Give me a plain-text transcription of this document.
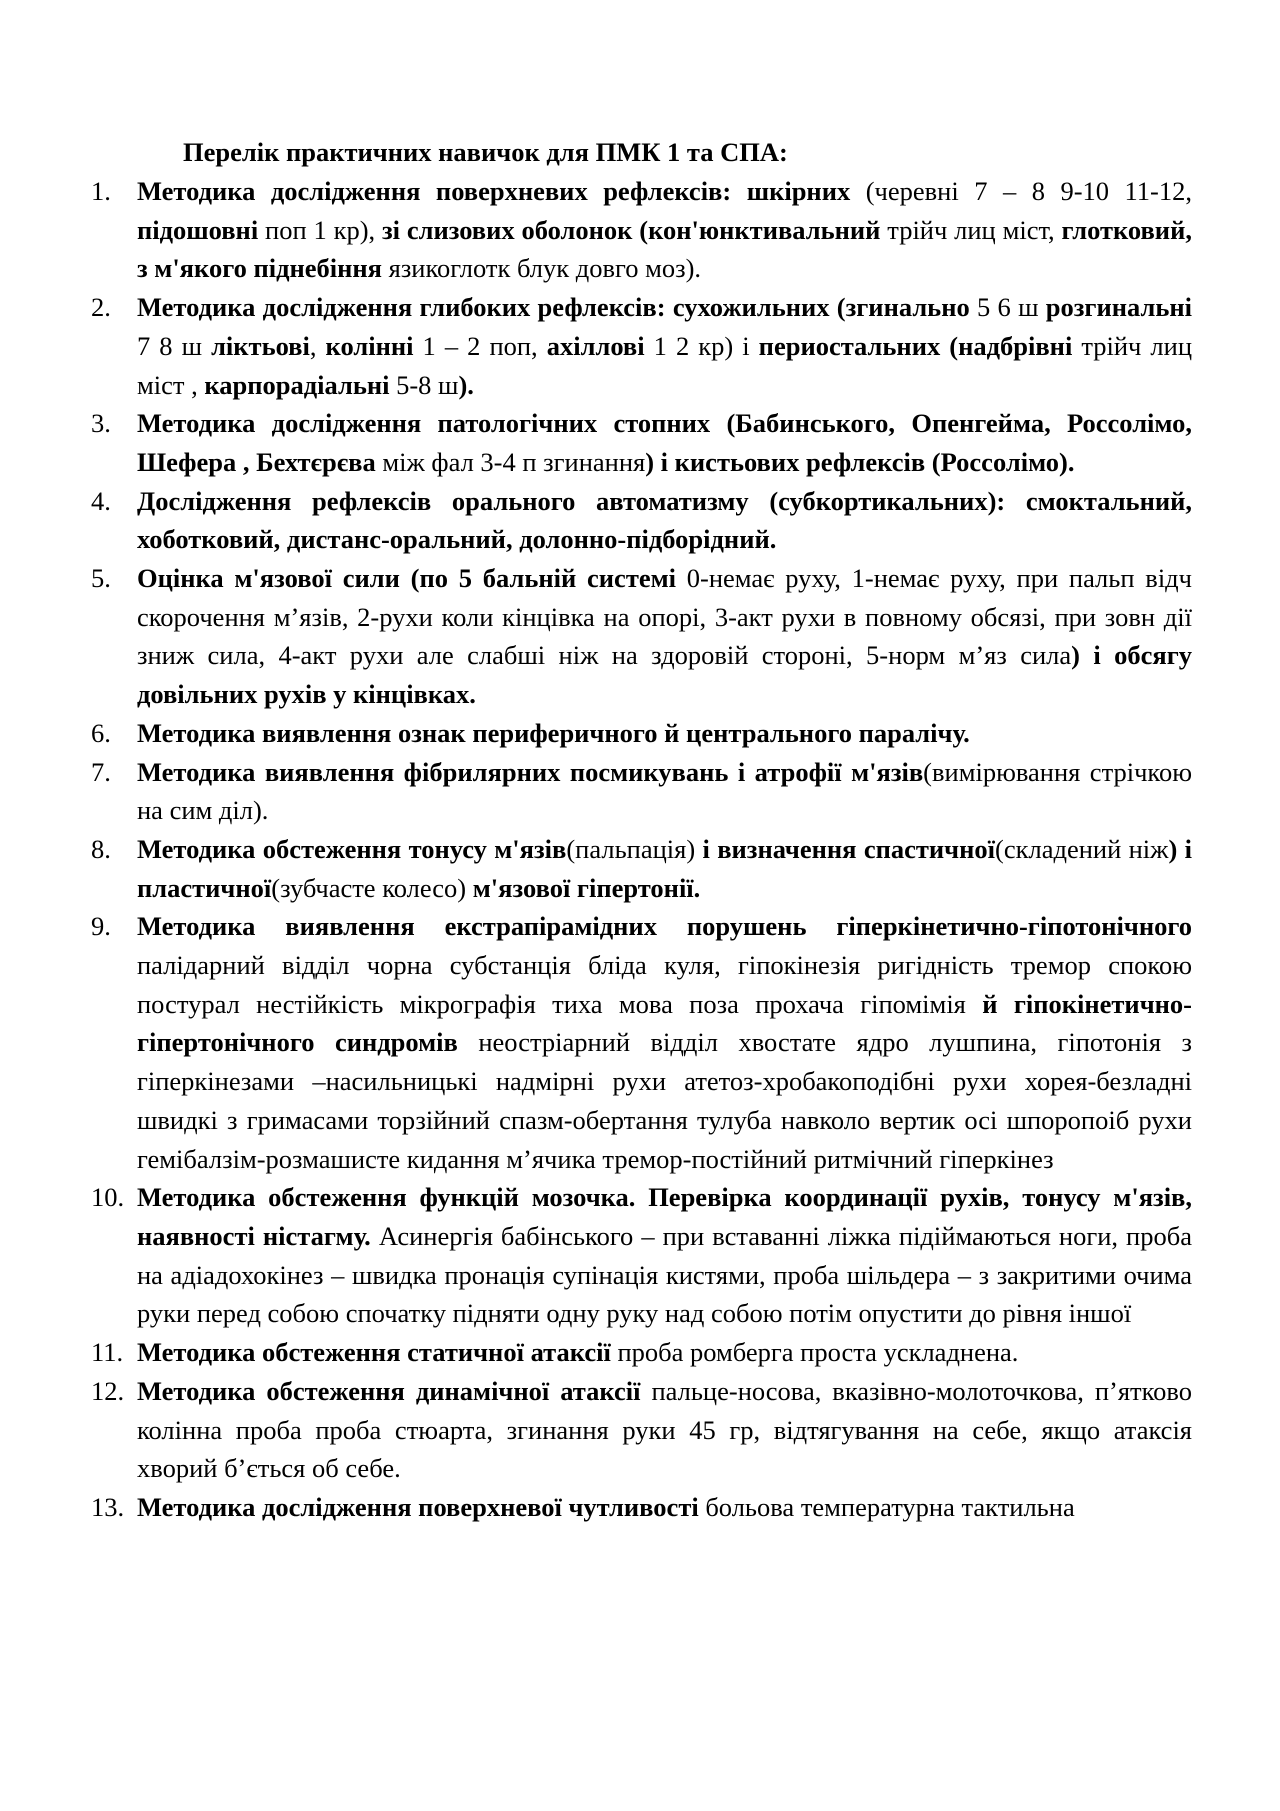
Перелік практичних навичок для ПМК 1 та СПА:
1. Методика дослідження поверхневих рефлексів: шкірних (черевні 7 – 8 9-10 11-12, підошовні поп 1 кр), зі слизових оболонок (кон'юнктивальний трійч лиц міст, глотковий, з м'якого піднебіння язикоглотк блук довго моз).
2. Методика дослідження глибоких рефлексів: сухожильних (згинально 5 6 ш розгинальні 7 8 ш ліктьові, колінні 1 – 2 поп, ахіллові 1 2 кр) і периостальних (надбрівні трійч лиц міст , карпорадіальні 5-8 ш).
3. Методика дослідження патологічних стопних (Бабинського, Опенгейма, Россолімо, Шефера , Бехтєрєва між фал 3-4 п згинання) і кистьових рефлексів (Россолімо).
4. Дослідження рефлексів орального автоматизму (субкортикальних): смоктальний, хоботковий, дистанс-оральний, долонно-підборідний.
5. Оцінка м'язової сили (по 5 бальній системі 0-немає руху, 1-немає руху, при пальп відч скорочення м’язів, 2-рухи коли кінцівка на опорі, 3-акт рухи в повному обсязі, при зовн дії зниж сила, 4-акт рухи але слабші ніж на здоровій стороні, 5-норм м’яз сила) і обсягу довільних рухів у кінцівках.
6. Методика виявлення ознак периферичного й центрального паралічу.
7. Методика виявлення фібрилярних посмикувань і атрофії м'язів(вимірювання стрічкою на сим діл).
8. Методика обстеження тонусу м'язів(пальпація) і визначення спастичної(складений ніж) і пластичної(зубчасте колесо) м'язової гіпертонії.
9. Методика виявлення екстрапірамідних порушень гіперкінетично-гіпотонічного палідарний відділ чорна субстанція бліда куля, гіпокінезія ригідність тремор спокою постурал нестійкість мікрографія тиха мова поза прохача гіпомімія й гіпокінетично-гіпертонічного синдромів неостріарний відділ хвостате ядро лушпина, гіпотонія з гіперкінезами –насильницькі надмірні рухи атетоз-хробакоподібні рухи хорея-безладні швидкі з гримасами торзійний спазм-обертання тулуба навколо вертик осі шпоропоіб рухи гемібалзім-розмашисте кидання м’ячика тремор-постійний ритмічний гіперкінез
10. Методика обстеження функцій мозочка. Перевірка координації рухів, тонусу м'язів, наявності ністагму. Асинергія бабінського – при вставанні ліжка підіймаються ноги, проба на адіадохокінез – швидка пронація супінація кистями, проба шільдера – з закритими очима руки перед собою спочатку підняти одну руку над собою потім опустити до рівня іншої
11. Методика обстеження статичної атаксії проба ромберга проста ускладнена.
12. Методика обстеження динамічної атаксії пальце-носова, вказівно-молоточкова, п’ятково колінна проба проба стюарта, згинання руки 45 гр, відтягування на себе, якщо атаксія хворий б’ється об себе.
13. Методика дослідження поверхневої чутливості больова температурна тактильна
